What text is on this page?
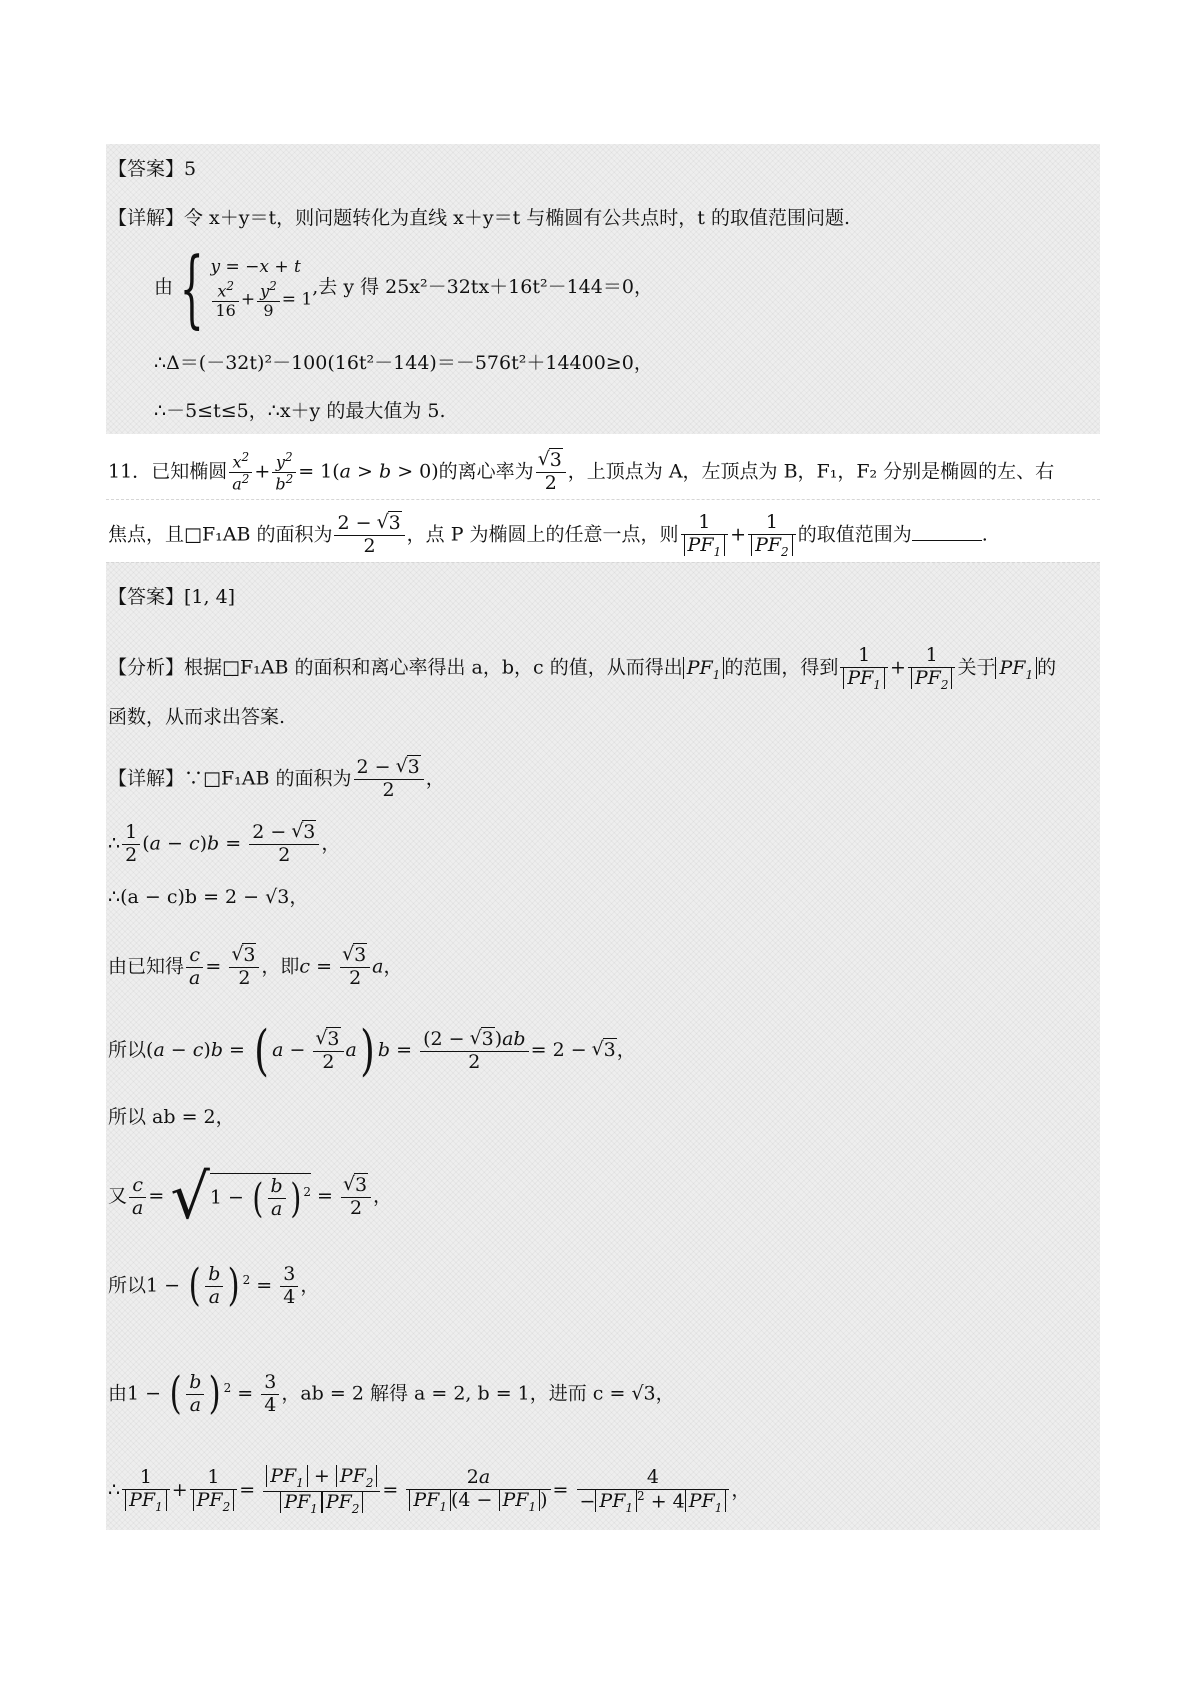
【答案】5
【详解】令 x＋y＝t，则问题转化为直线 x＋y＝t 与椭圆有公共点时，t 的取值范围问题.
由{ y = −x + t
$\frac{x^2}{16} + \frac{y^2}{9} = 1$
,去 y 得 25x²－32tx＋16t²－144＝0，
∴Δ＝(－32t)²－100(16t²－144)＝－576t²＋14400≥0，
∴－5≤t≤5，∴x＋y 的最大值为 5.
11．已知椭圆 $\frac{x^2}{a^2} + \frac{y^2}{b^2} = 1(a > b > 0)$的离心率为 √ $\frac{3}{2}$ ，上顶点为 A，左顶点为 B，F₁，F₂ 分别是椭圆的左、右
焦点，且□F₁AB 的面积为 $\frac{2 - √ 3}{2}$ ，点 P 为椭圆上的任意一点，则 $\frac{1}{PF_1} + \frac{1}{PF_2}$ 的取值范围为	.
【答案】[1, 4]
【分析】根据□F₁AB 的面积和离心率得出 a，b，c 的值，从而得出 $PF_1$ 的范围，得到 $\frac{1}{PF_1} + \frac{1}{PF_2}$ 关于 $PF_1$ 的
函数，从而求出答案.
【详解】∵□F₁AB 的面积为 $\frac{2 - √ 3}{2}$ ，
∴ $\frac{1}{2} (a - c)b = \frac{2 - √ 3}{2}$ ，
∴(a − c)b = 2 − √3，
由已知得 $\frac{c}{a}$ = √ $\frac{3}{2}$ ，即c = √ $\frac{3}{2}$ a，
所以(a − c)b = ( a − √ $\frac{3}{2} a$) $b = \frac{(2 - √ 3)ab}{2} = 2$ − √ 3，
所以 ab = 2，
又 $\frac{c}{a} = √1$ − ( $\frac{b}{a}$ ) $^2$ = √ $\frac{3}{2}$ ，
所以1 − ( $\frac{b}{a}$ ) $^2 = \frac{3}{4}$ ，
由1 − ( $\frac{b}{a}$ ) $^2 = \frac{3}{4}$ ，ab = 2 解得 a = 2, b = 1，进而 c = √3，
∴ $\frac{1}{PF_1} + \frac{1}{PF_2} = \frac{PF_1 + PF_2}{PF_1 PF_2} = \frac{2a}{PF_1 (4 - PF_1 )} = \frac{4}{- PF_1^2 + 4 PF_1}$ ，
